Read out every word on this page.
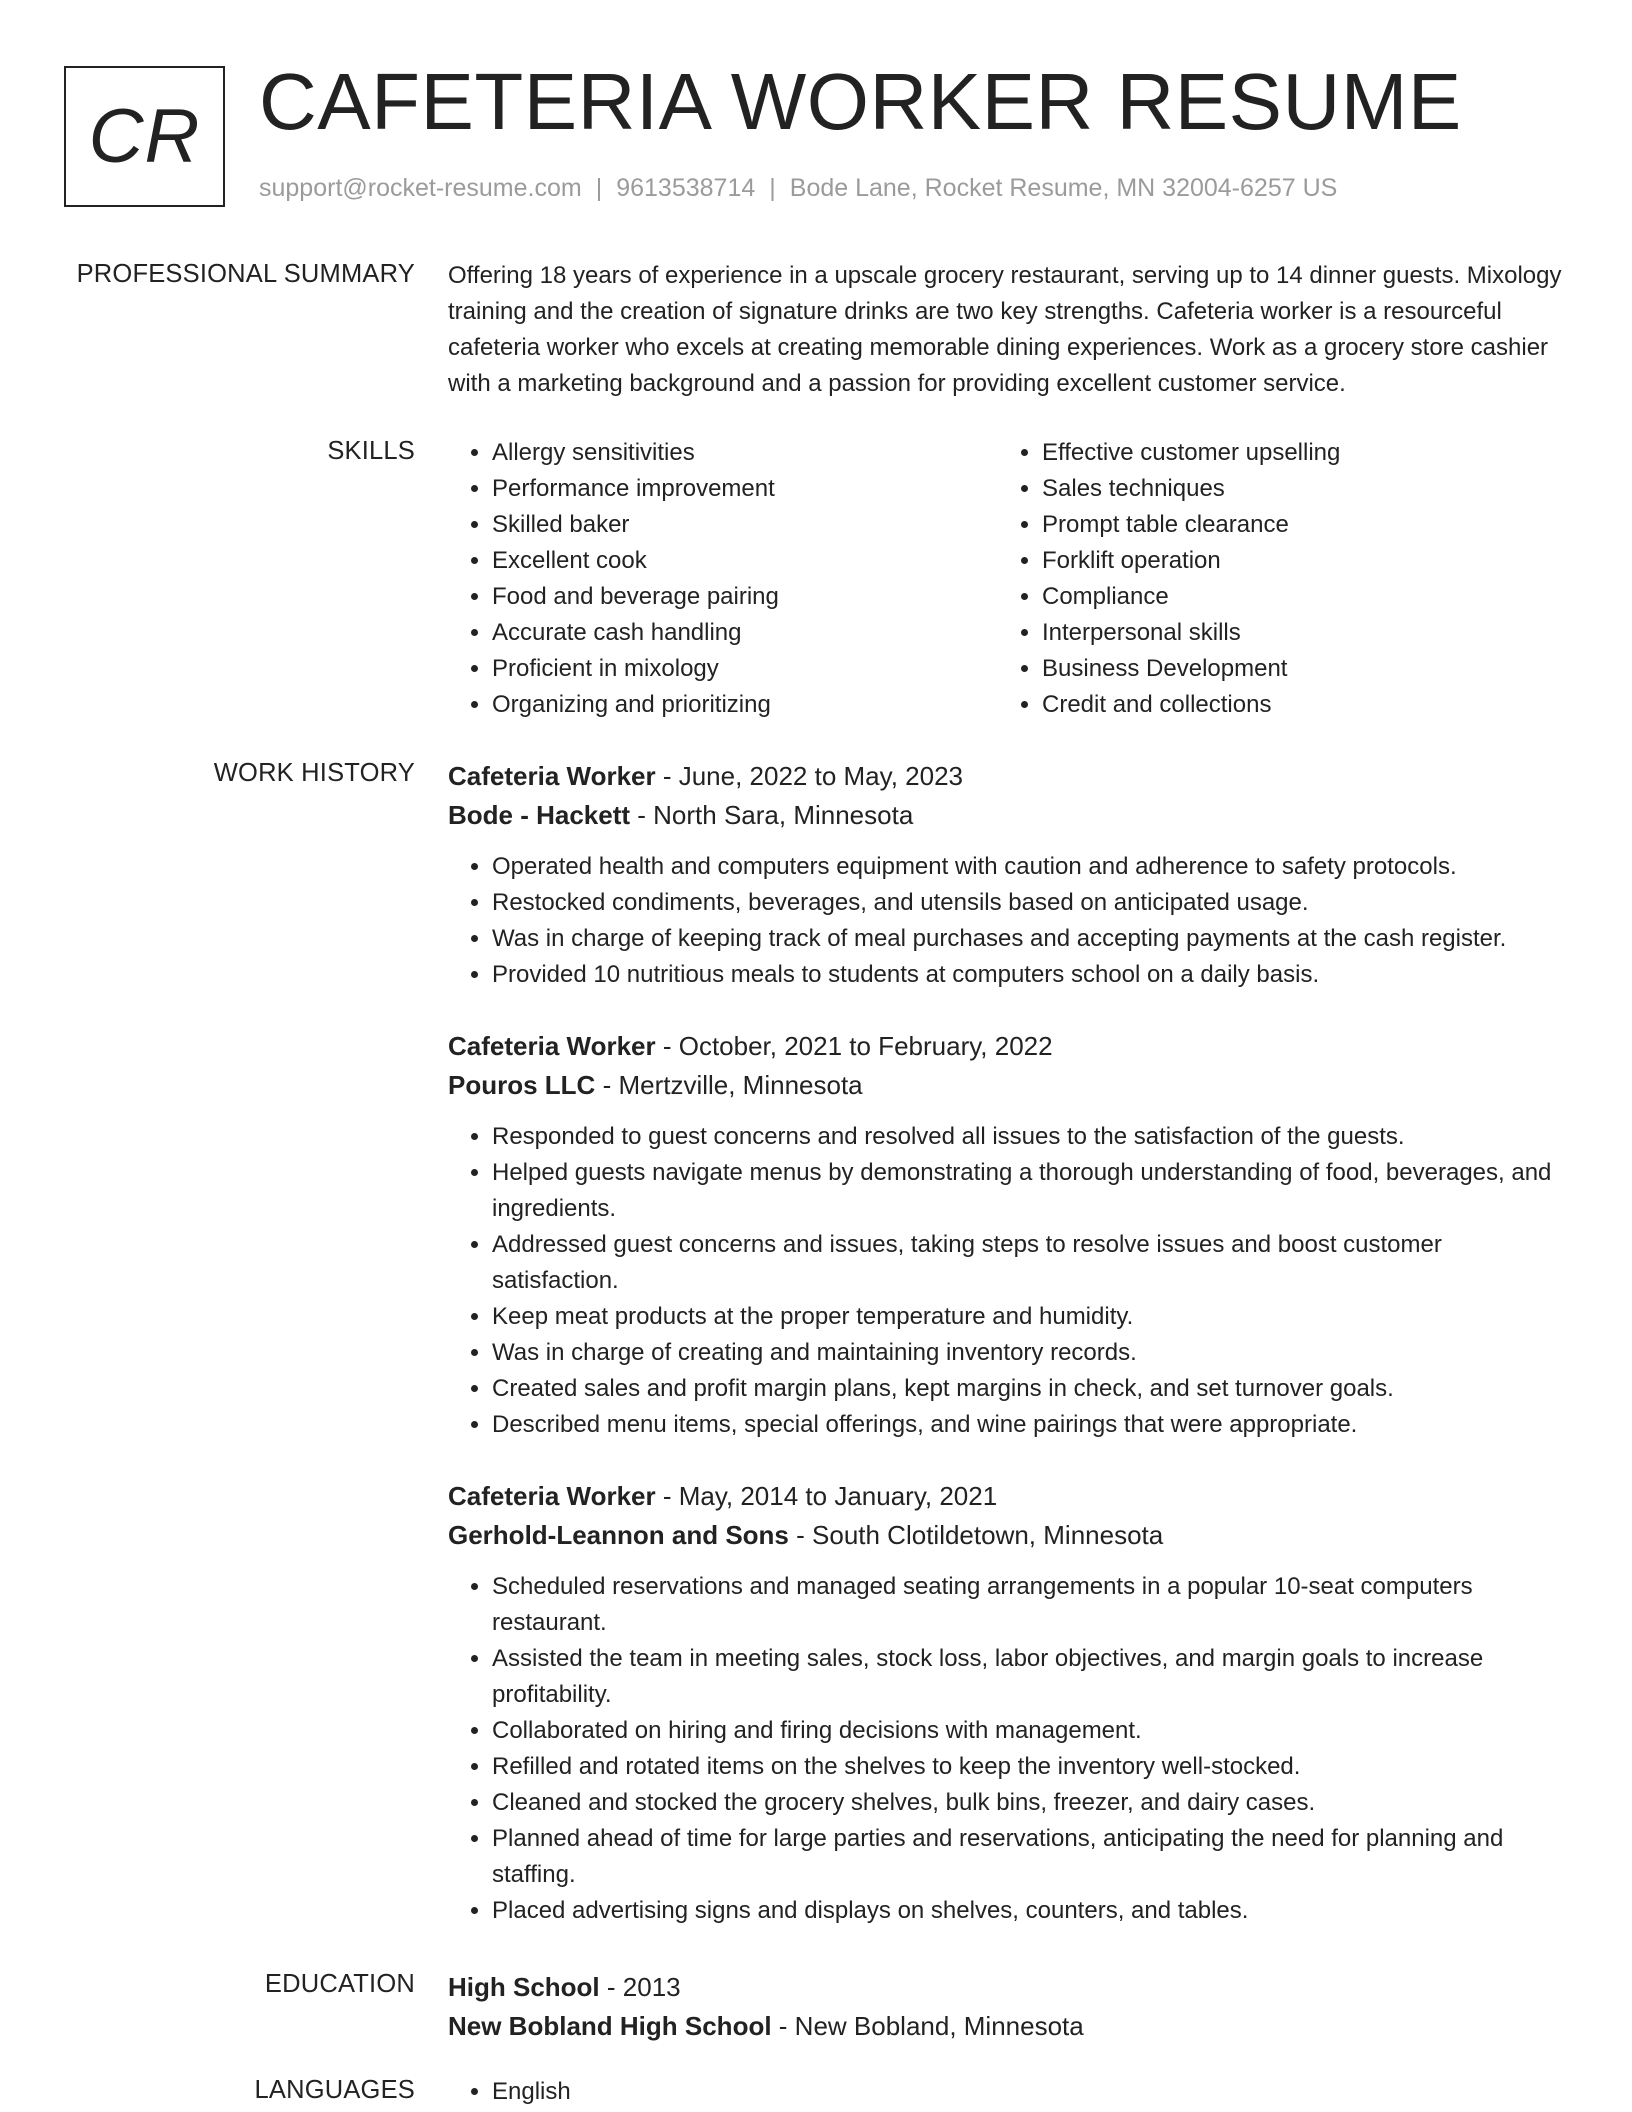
CR CAFETERIA WORKER RESUME
support@rocket-resume.com | 9613538714 | Bode Lane, Rocket Resume, MN 32004-6257 US
PROFESSIONAL SUMMARY Offering 18 years of experience in a upscale grocery restaurant, serving up to 14 dinner guests. Mixology training and the creation of signature drinks are two key strengths. Cafeteria worker is a resourceful cafeteria worker who excels at creating memorable dining experiences. Work as a grocery store cashier with a marketing background and a passion for providing excellent customer service.

SKILLS	• Allergy sensitivities
• Performance improvement
• Skilled baker
• Excellent cook
• Food and beverage pairing
• Accurate cash handling
• Proficient in mixology
• Organizing and prioritizing
• Effective customer upselling
• Sales techniques
• Prompt table clearance
• Forklift operation
• Compliance
• Interpersonal skills
• Business Development
• Credit and collections
WORK HISTORY Cafeteria Worker - June, 2022 to May, 2023
Bode - Hackett - North Sara, Minnesota
• Operated health and computers equipment with caution and adherence to safety protocols.
• Restocked condiments, beverages, and utensils based on anticipated usage.
• Was in charge of keeping track of meal purchases and accepting payments at the cash register.
• Provided 10 nutritious meals to students at computers school on a daily basis.
Cafeteria Worker - October, 2021 to February, 2022
Pouros LLC - Mertzville, Minnesota
• Responded to guest concerns and resolved all issues to the satisfaction of the guests.
• Helped guests navigate menus by demonstrating a thorough understanding of food, beverages, and ingredients.
• Addressed guest concerns and issues, taking steps to resolve issues and boost customer satisfaction.
• Keep meat products at the proper temperature and humidity.
• Was in charge of creating and maintaining inventory records.
• Created sales and profit margin plans, kept margins in check, and set turnover goals.
• Described menu items, special offerings, and wine pairings that were appropriate.
Cafeteria Worker - May, 2014 to January, 2021
Gerhold-Leannon and Sons - South Clotildetown, Minnesota
• Scheduled reservations and managed seating arrangements in a popular 10-seat computers restaurant.
• Assisted the team in meeting sales, stock loss, labor objectives, and margin goals to increase profitability.
• Collaborated on hiring and firing decisions with management.
• Refilled and rotated items on the shelves to keep the inventory well-stocked.
• Cleaned and stocked the grocery shelves, bulk bins, freezer, and dairy cases.
• Planned ahead of time for large parties and reservations, anticipating the need for planning and staffing.
• Placed advertising signs and displays on shelves, counters, and tables.
EDUCATION High School - 2013
New Bobland High School - New Bobland, Minnesota
LANGUAGES	• English
